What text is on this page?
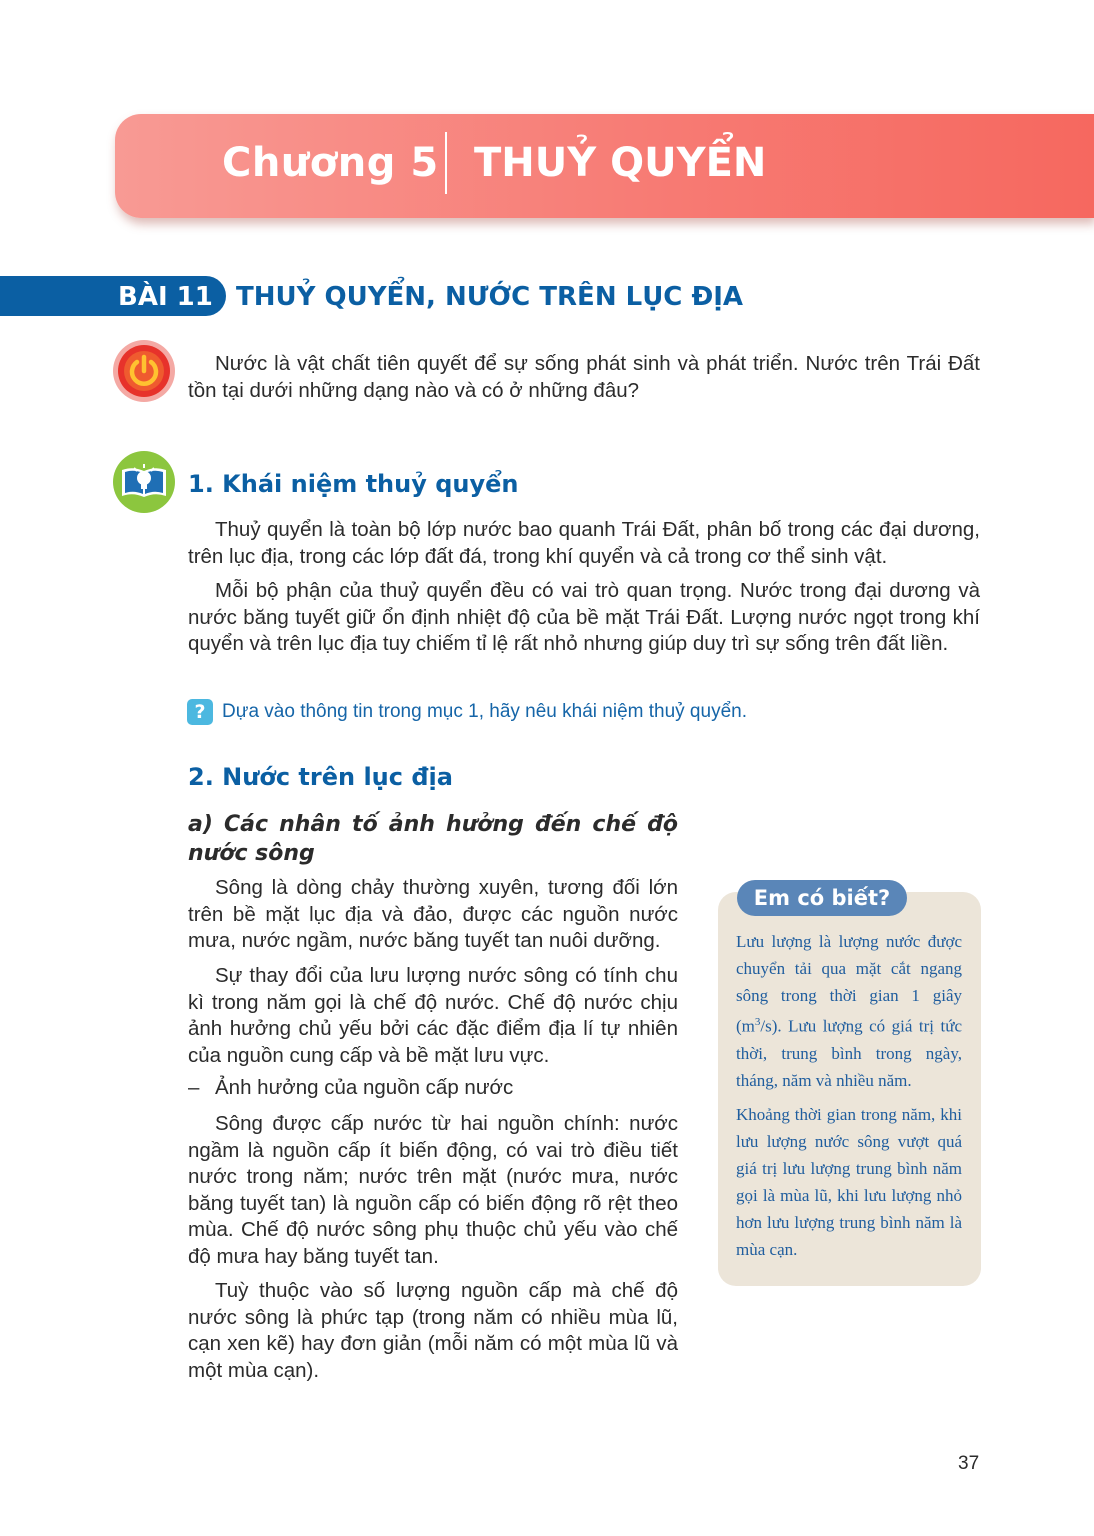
Chương 5 THUỶ QUYỂN
BÀI 11 THUỶ QUYỂN, NƯỚC TRÊN LỤC ĐỊA

Nước là vật chất tiên quyết để sự sống phát sinh và phát triển. Nước trên Trái Đất tồn tại dưới những dạng nào và có ở những đâu?

1. Khái niệm thuỷ quyển

Thuỷ quyển là toàn bộ lớp nước bao quanh Trái Đất, phân bố trong các đại dương, trên lục địa, trong các lớp đất đá, trong khí quyển và cả trong cơ thể sinh vật.

Mỗi bộ phận của thuỷ quyển đều có vai trò quan trọng. Nước trong đại dương và nước băng tuyết giữ ổn định nhiệt độ của bề mặt Trái Đất. Lượng nước ngọt trong khí quyển và trên lục địa tuy chiếm tỉ lệ rất nhỏ nhưng giúp duy trì sự sống trên đất liền.

? Dựa vào thông tin trong mục 1, hãy nêu khái niệm thuỷ quyển.
2. Nước trên lục địa
a) Các nhân tố ảnh hưởng đến chế độ nước sông

Sông là dòng chảy thường xuyên, tương đối lớn trên bề mặt lục địa và đảo, được các nguồn nước mưa, nước ngầm, nước băng tuyết tan nuôi dưỡng.

Sự thay đổi của lưu lượng nước sông có tính chu kì trong năm gọi là chế độ nước. Chế độ nước chịu ảnh hưởng chủ yếu bởi các đặc điểm địa lí tự nhiên của nguồn cung cấp và bề mặt lưu vực.

– Ảnh hưởng của nguồn cấp nước

Sông được cấp nước từ hai nguồn chính: nước ngầm là nguồn cấp ít biến động, có vai trò điều tiết nước trong năm; nước trên mặt (nước mưa, nước băng tuyết tan) là nguồn cấp có biến động rõ rệt theo mùa. Chế độ nước sông phụ thuộc chủ yếu vào chế độ mưa hay băng tuyết tan.

Tuỳ thuộc vào số lượng nguồn cấp mà chế độ nước sông là phức tạp (trong năm có nhiều mùa lũ, cạn xen kẽ) hay đơn giản (mỗi năm có một mùa lũ và một mùa cạn).

Em có biết?

Lưu lượng là lượng nước được chuyển tải qua mặt cắt ngang sông trong thời gian 1 giây $(m^3/s)$. Lưu lượng có giá trị tức thời, trung bình trong ngày, tháng, năm và nhiều năm.

Khoảng thời gian trong năm, khi lưu lượng nước sông vượt quá giá trị lưu lượng trung bình năm gọi là mùa lũ, khi lưu lượng nhỏ hơn lưu lượng trung bình năm là mùa cạn.

37
